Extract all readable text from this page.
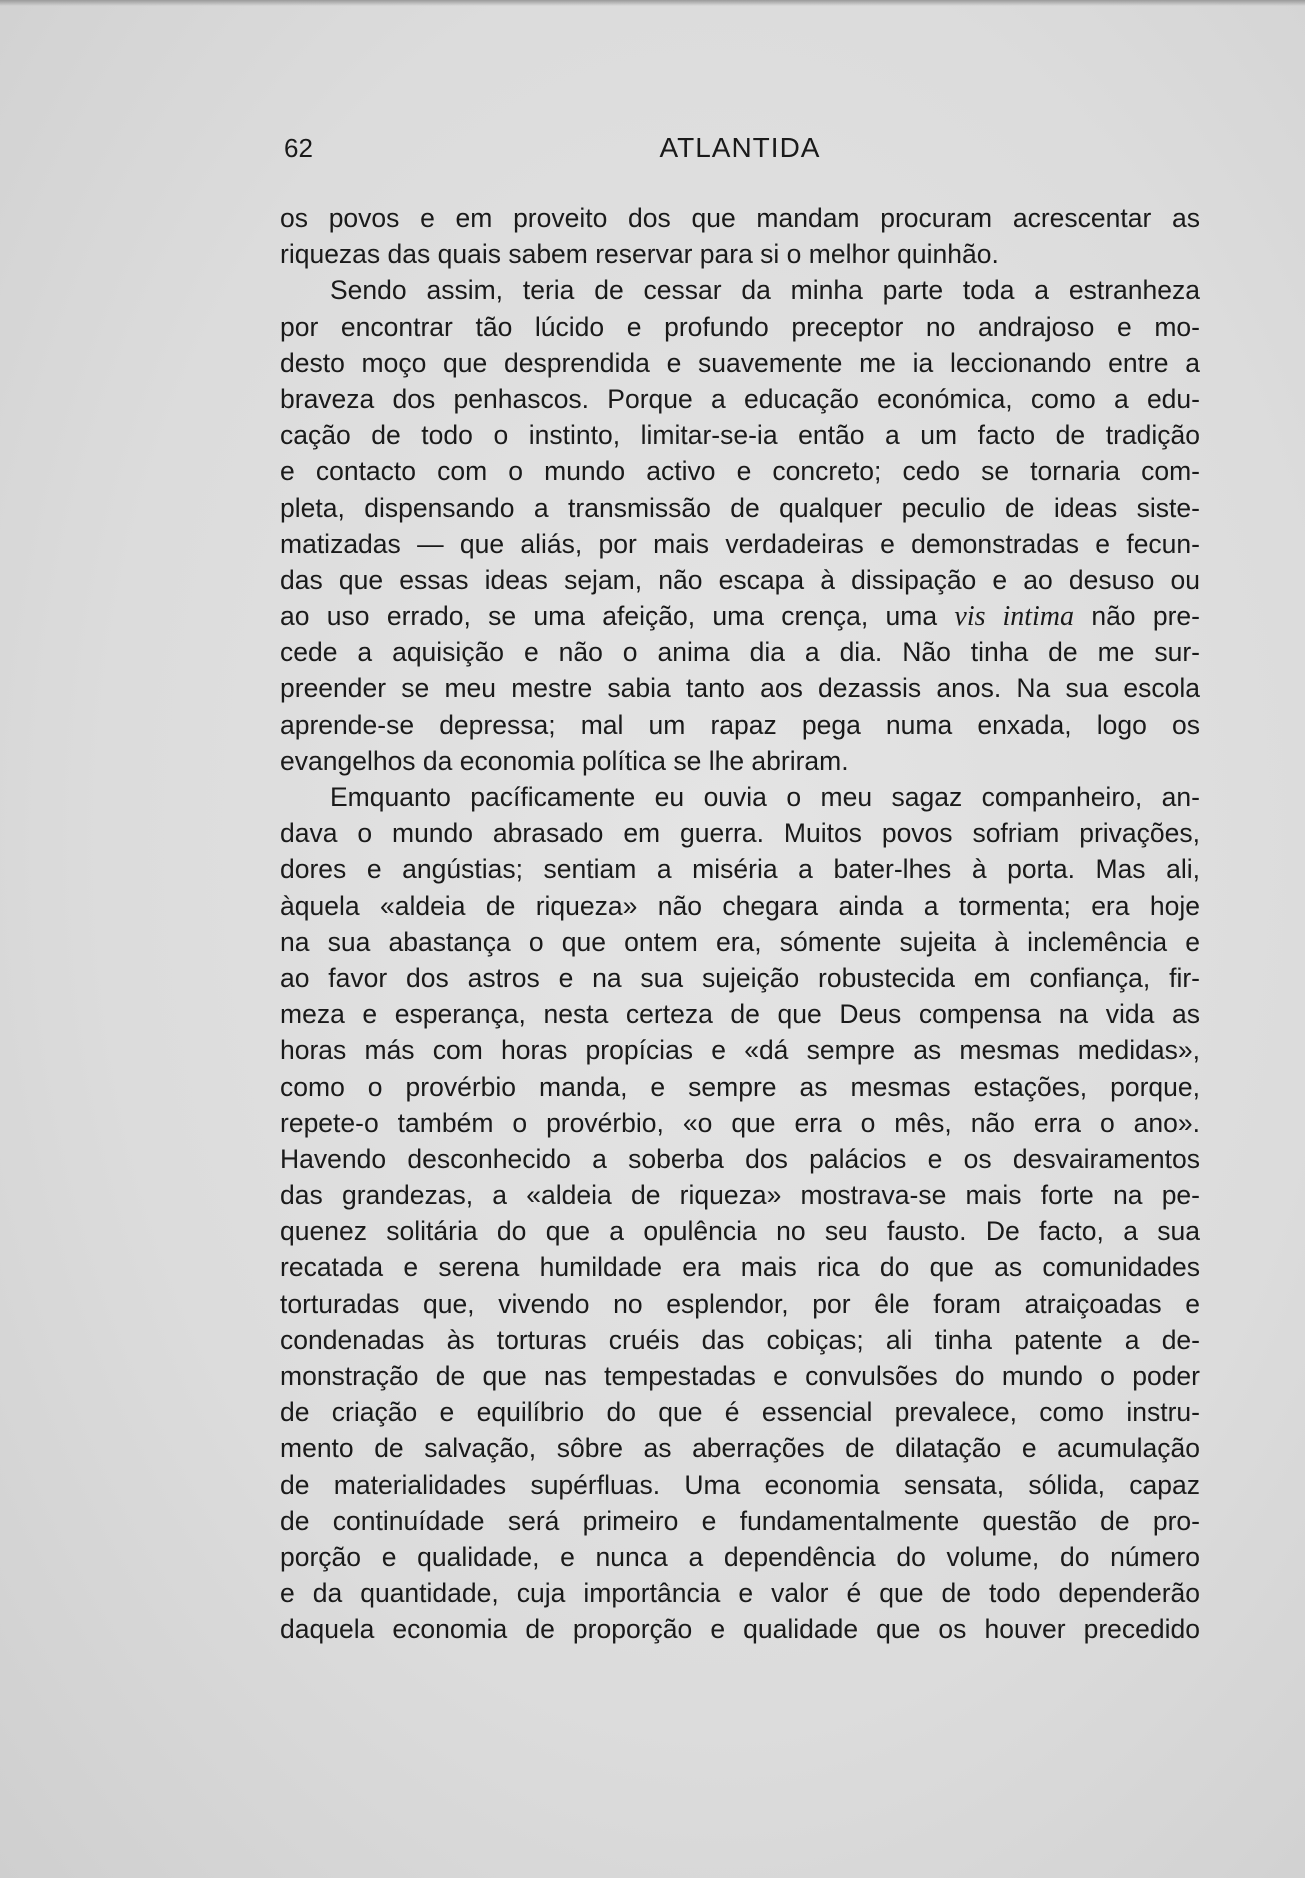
62	ATLANTIDA
os povos e em proveito dos que mandam procuram acrescentar as
riquezas das quais sabem reservar para si o melhor quinhão.
Sendo assim, teria de cessar da minha parte toda a estranheza
por encontrar tão lúcido e profundo preceptor no andrajoso e mo-
desto moço que desprendida e suavemente me ia leccionando entre a
braveza dos penhascos. Porque a educação económica, como a edu-
cação de todo o instinto, limitar-se-ia então a um facto de tradição
e contacto com o mundo activo e concreto; cedo se tornaria com-
pleta, dispensando a transmissão de qualquer peculio de ideas siste-
matizadas — que aliás, por mais verdadeiras e demonstradas e fecun-
das que essas ideas sejam, não escapa à dissipação e ao desuso ou
ao uso errado, se uma afeição, uma crença, uma vis intima não pre-
cede a aquisição e não o anima dia a dia. Não tinha de me sur-
preender se meu mestre sabia tanto aos dezassis anos. Na sua escola
aprende-se depressa; mal um rapaz pega numa enxada, logo os
evangelhos da economia política se lhe abriram.
Emquanto pacíficamente eu ouvia o meu sagaz companheiro, an-
dava o mundo abrasado em guerra. Muitos povos sofriam privações,
dores e angústias; sentiam a miséria a bater-lhes à porta. Mas ali,
àquela «aldeia de riqueza» não chegara ainda a tormenta; era hoje
na sua abastança o que ontem era, sómente sujeita à inclemência e
ao favor dos astros e na sua sujeição robustecida em confiança, fir-
meza e esperança, nesta certeza de que Deus compensa na vida as
horas más com horas propícias e «dá sempre as mesmas medidas»,
como o provérbio manda, e sempre as mesmas estações, porque,
repete-o também o provérbio, «o que erra o mês, não erra o ano».
Havendo desconhecido a soberba dos palácios e os desvairamentos
das grandezas, a «aldeia de riqueza» mostrava-se mais forte na pe-
quenez solitária do que a opulência no seu fausto. De facto, a sua
recatada e serena humildade era mais rica do que as comunidades
torturadas que, vivendo no esplendor, por êle foram atraiçoadas e
condenadas às torturas cruéis das cobiças; ali tinha patente a de-
monstração de que nas tempestadas e convulsões do mundo o poder
de criação e equilíbrio do que é essencial prevalece, como instru-
mento de salvação, sôbre as aberrações de dilatação e acumulação
de materialidades supérfluas. Uma economia sensata, sólida, capaz
de continuídade será primeiro e fundamentalmente questão de pro-
porção e qualidade, e nunca a dependência do volume, do número
e da quantidade, cuja importância e valor é que de todo dependerão
daquela economia de proporção e qualidade que os houver precedido
